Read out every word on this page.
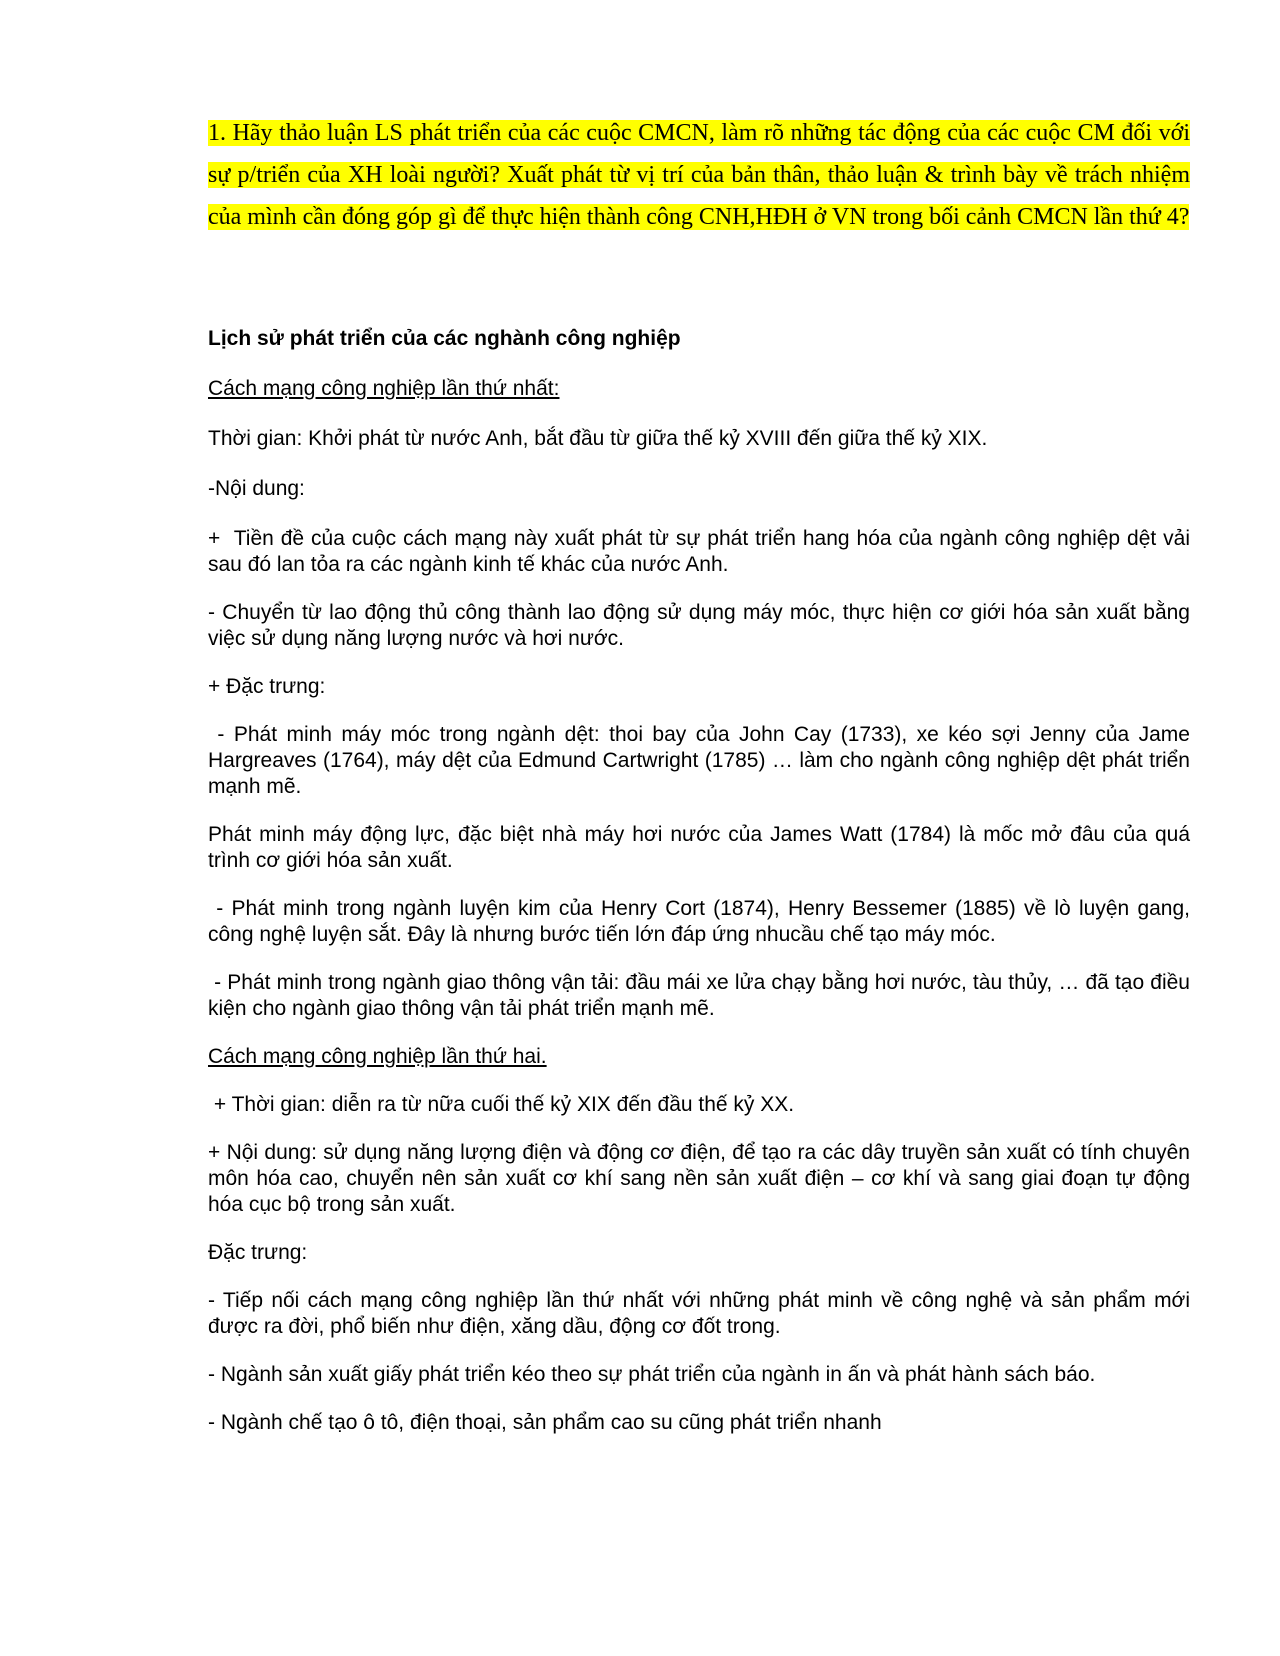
1. Hãy thảo luận LS phát triển của các cuộc CMCN, làm rõ những tác động của các cuộc CM đối với sự p/triển của XH loài người? Xuất phát từ vị trí của bản thân, thảo luận & trình bày về trách nhiệm của mình cần đóng góp gì để thực hiện thành công CNH,HĐH ở VN trong bối cảnh CMCN lần thứ 4?

Lịch sử phát triển của các nghành công nghiệp

Cách mạng công nghiệp lần thứ nhất:

Thời gian: Khởi phát từ nước Anh, bắt đầu từ giữa thế kỷ XVIII đến giữa thế kỷ XIX.

-Nội dung:

+  Tiền đề của cuộc cách mạng này xuất phát từ sự phát triển hang hóa của ngành công nghiệp dệt vải sau đó lan tỏa ra các ngành kinh tế khác của nước Anh.

- Chuyển từ lao động thủ công thành lao động sử dụng máy móc, thực hiện cơ giới hóa sản xuất bằng việc sử dụng năng lượng nước và hơi nước.

+ Đặc trưng:

- Phát minh máy móc trong ngành dệt: thoi bay của John Cay (1733), xe kéo sợi Jenny của Jame Hargreaves (1764), máy dệt của Edmund Cartwright (1785) … làm cho ngành công nghiệp dệt phát triển mạnh mẽ.

Phát minh máy động lực, đặc biệt nhà máy hơi nước của James Watt (1784) là mốc mở đâu của quá trình cơ giới hóa sản xuất.

- Phát minh trong ngành luyện kim của Henry Cort (1874), Henry Bessemer (1885) về lò luyện gang, công nghệ luyện sắt. Đây là nhưng bước tiến lớn đáp ứng nhucầu chế tạo máy móc.

- Phát minh trong ngành giao thông vận tải: đầu mái xe lửa chạy bằng hơi nước, tàu thủy, … đã tạo điều kiện cho ngành giao thông vận tải phát triển mạnh mẽ.

Cách mạng công nghiệp lần thứ hai.

+ Thời gian: diễn ra từ nữa cuối thế kỷ XIX đến đầu thế kỷ XX.

+ Nội dung: sử dụng năng lượng điện và động cơ điện, để tạo ra các dây truyền sản xuất có tính chuyên môn hóa cao, chuyển nên sản xuất cơ khí sang nền sản xuất điện – cơ khí và sang giai đoạn tự động hóa cục bộ trong sản xuất.

Đặc trưng:

- Tiếp nối cách mạng công nghiệp lần thứ nhất với những phát minh về công nghệ và sản phẩm mới được ra đời, phổ biến như điện, xăng dầu, động cơ đốt trong.

- Ngành sản xuất giấy phát triển kéo theo sự phát triển của ngành in ấn và phát hành sách báo.

- Ngành chế tạo ô tô, điện thoại, sản phẩm cao su cũng phát triển nhanh
